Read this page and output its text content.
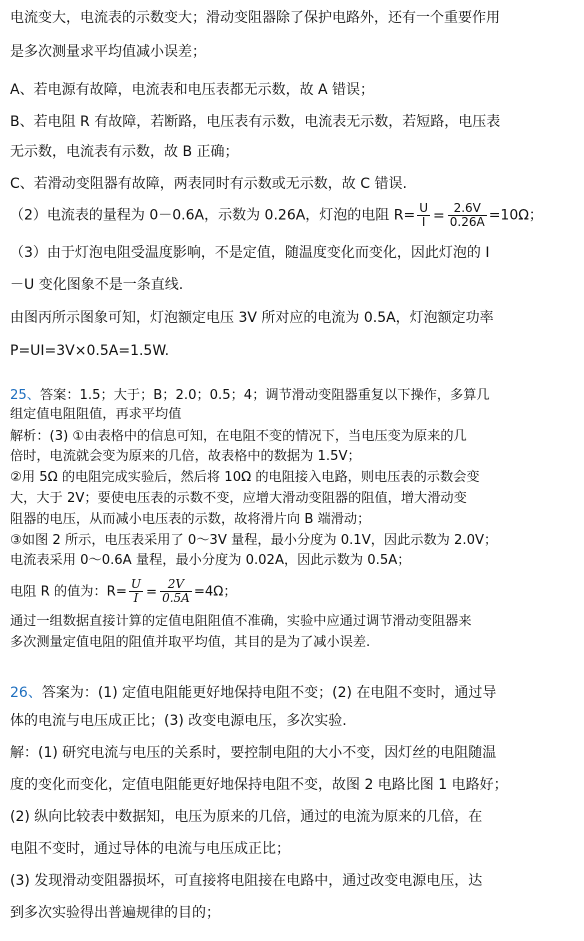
电流变大，电流表的示数变大；滑动变阻器除了保护电路外，还有一个重要作用
是多次测量求平均值减小误差；
A、若电源有故障，电流表和电压表都无示数，故 A 错误；
B、若电阻 R 有故障，若断路，电压表有示数，电流表无示数，若短路，电压表
无示数，电流表有示数，故 B 正确；
C、若滑动变阻器有故障，两表同时有示数或无示数，故 C 错误.
（2）电流表的量程为 0－0.6A，示数为 0.26A，灯泡的电阻 $R= \frac{U}{I} = \frac{2.6V}{0.26A} =10\Omega$；
（3）由于灯泡电阻受温度影响，不是定值，随温度变化而变化，因此灯泡的 I
－U 变化图象不是一条直线.
由图丙所示图象可知，灯泡额定电压 3V 所对应的电流为 0.5A，灯泡额定功率
P=UI=3V×0.5A=1.5W.
25、答案：1.5；大于；B；2.0；0.5；4；调节滑动变阻器重复以下操作，多算几
组定值电阻阻值，再求平均值
解析：(3) ①由表格中的信息可知，在电阻不变的情况下，当电压变为原来的几
倍时，电流就会变为原来的几倍，故表格中的数据为 1.5V；
②用 5Ω 的电阻完成实验后，然后将 10Ω 的电阻接入电路，则电压表的示数会变
大，大于 2V；要使电压表的示数不变，应增大滑动变阻器的阻值，增大滑动变
阻器的电压，从而减小电压表的示数，故将滑片向 B 端滑动；
③如图 2 所示，电压表采用了 0～3V 量程，最小分度为 0.1V，因此示数为 2.0V；
电流表采用 0～0.6A 量程，最小分度为 0.02A，因此示数为 0.5A；
电阻 R 的值为：$R= \frac{U}{I} = \frac{2V}{0.5A} =4\Omega$；
通过一组数据直接计算的定值电阻阻值不准确，实验中应通过调节滑动变阻器来
多次测量定值电阻的阻值并取平均值，其目的是为了减小误差.
26、答案为：(1) 定值电阻能更好地保持电阻不变；(2) 在电阻不变时，通过导
体的电流与电压成正比；(3) 改变电源电压，多次实验.
解：(1) 研究电流与电压的关系时，要控制电阻的大小不变，因灯丝的电阻随温
度的变化而变化，定值电阻能更好地保持电阻不变，故图 2 电路比图 1 电路好；
(2) 纵向比较表中数据知，电压为原来的几倍，通过的电流为原来的几倍，在
电阻不变时，通过导体的电流与电压成正比；
(3) 发现滑动变阻器损坏，可直接将电阻接在电路中，通过改变电源电压，达
到多次实验得出普遍规律的目的；
